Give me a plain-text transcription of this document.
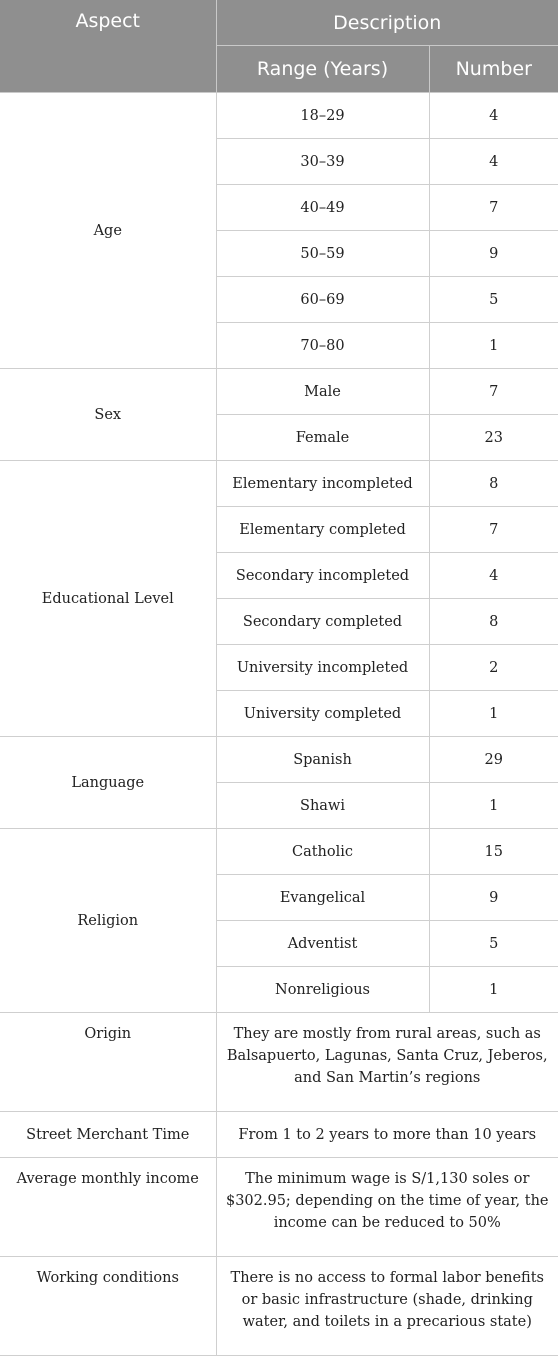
Aspect	Description	
	Range (Years)	Number
Age	18–29	4
	30–39	4
	40–49	7
	50–59	9
	60–69	5
	70–80	1
Sex	Male	7
	Female	23
Educational Level	Elementary incompleted	8
	Elementary completed	7
	Secondary incompleted	4
	Secondary completed	8
	University incompleted	2
	University completed	1
Language	Spanish	29
	Shawi	1
Religion	Catholic	15
	Evangelical	9
	Adventist	5
	Nonreligious	1
Origin	They are mostly from rural areas, such as Balsapuerto, Lagunas, Santa Cruz, Jeberos, and San Martin’s regions	
Street Merchant Time	From 1 to 2 years to more than 10 years	
Average monthly income	The minimum wage is S/1,130 soles or $302.95; depending on the time of year, the income can be reduced to 50%	
Working conditions	There is no access to formal labor benefits or basic infrastructure (shade, drinking water, and toilets in a precarious state)	
